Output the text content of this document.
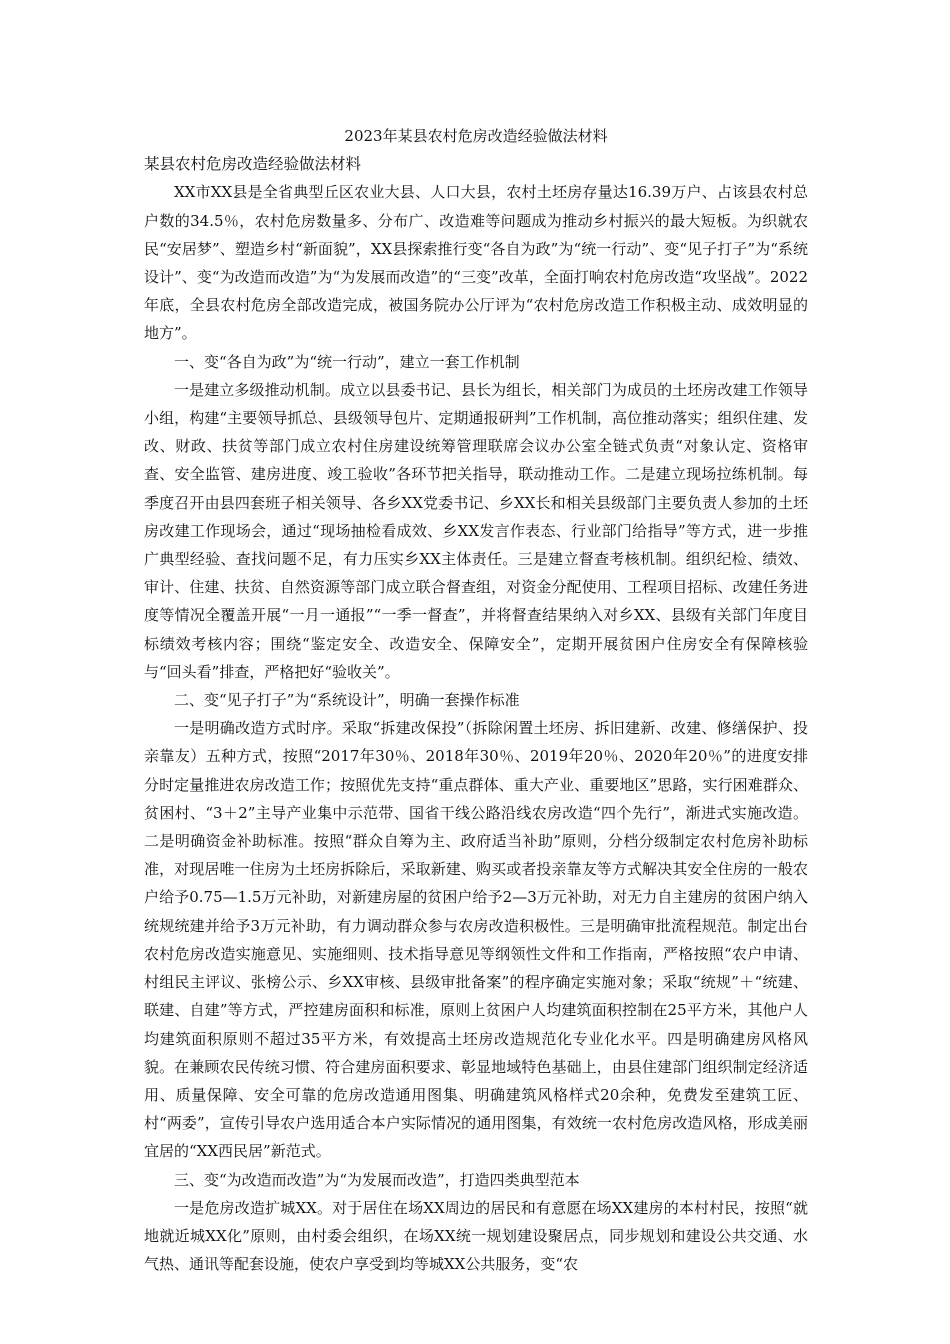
2023年某县农村危房改造经验做法材料
某县农村危房改造经验做法材料

XX市XX县是全省典型丘区农业大县、人口大县，农村土坯房存量达16.39万户、占该县农村总户数的34.5％，农村危房数量多、分布广、改造难等问题成为推动乡村振兴的最大短板。为织就农民“安居梦”、塑造乡村“新面貌”，XX县探索推行变“各自为政”为“统一行动”、变“见子打子”为“系统设计”、变“为改造而改造”为“为发展而改造”的“三变”改革，全面打响农村危房改造“攻坚战”。2022年底，全县农村危房全部改造完成，被国务院办公厅评为“农村危房改造工作积极主动、成效明显的地方”。

一、变“各自为政”为“统一行动”，建立一套工作机制

一是建立多级推动机制。成立以县委书记、县长为组长，相关部门为成员的土坯房改建工作领导小组，构建“主要领导抓总、县级领导包片、定期通报研判”工作机制，高位推动落实；组织住建、发改、财政、扶贫等部门成立农村住房建设统筹管理联席会议办公室全链式负责“对象认定、资格审查、安全监管、建房进度、竣工验收”各环节把关指导，联动推动工作。二是建立现场拉练机制。每季度召开由县四套班子相关领导、各乡XX党委书记、乡XX长和相关县级部门主要负责人参加的土坯房改建工作现场会，通过“现场抽检看成效、乡XX发言作表态、行业部门给指导”等方式，进一步推广典型经验、查找问题不足，有力压实乡XX主体责任。三是建立督查考核机制。组织纪检、绩效、审计、住建、扶贫、自然资源等部门成立联合督查组，对资金分配使用、工程项目招标、改建任务进度等情况全覆盖开展“一月一通报”“一季一督查”，并将督查结果纳入对乡XX、县级有关部门年度目标绩效考核内容；围绕“鉴定安全、改造安全、保障安全”，定期开展贫困户住房安全有保障核验与“回头看”排查，严格把好“验收关”。

二、变“见子打子”为“系统设计”，明确一套操作标准

一是明确改造方式时序。采取“拆建改保投”（拆除闲置土坯房、拆旧建新、改建、修缮保护、投亲靠友）五种方式，按照“2017年30％、2018年30％、2019年20％、2020年20％”的进度安排分时定量推进农房改造工作；按照优先支持“重点群体、重大产业、重要地区”思路，实行困难群众、贫困村、“3＋2”主导产业集中示范带、国省干线公路沿线农房改造“四个先行”，渐进式实施改造。二是明确资金补助标准。按照“群众自筹为主、政府适当补助”原则，分档分级制定农村危房补助标准，对现居唯一住房为土坯房拆除后，采取新建、购买或者投亲靠友等方式解决其安全住房的一般农户给予0.75—1.5万元补助，对新建房屋的贫困户给予2—3万元补助，对无力自主建房的贫困户纳入统规统建并给予3万元补助，有力调动群众参与农房改造积极性。三是明确审批流程规范。制定出台农村危房改造实施意见、实施细则、技术指导意见等纲领性文件和工作指南，严格按照“农户申请、村组民主评议、张榜公示、乡XX审核、县级审批备案”的程序确定实施对象；采取“统规”＋“统建、联建、自建”等方式，严控建房面积和标准，原则上贫困户人均建筑面积控制在25平方米，其他户人均建筑面积原则不超过35平方米，有效提高土坯房改造规范化专业化水平。四是明确建房风格风貌。在兼顾农民传统习惯、符合建房面积要求、彰显地域特色基础上，由县住建部门组织制定经济适用、质量保障、安全可靠的危房改造通用图集、明确建筑风格样式20余种，免费发至建筑工匠、村“两委”，宣传引导农户选用适合本户实际情况的通用图集，有效统一农村危房改造风格，形成美丽宜居的“XX西民居”新范式。

三、变“为改造而改造”为“为发展而改造”，打造四类典型范本

一是危房改造扩城XX。对于居住在场XX周边的居民和有意愿在场XX建房的本村村民，按照“就地就近城XX化”原则，由村委会组织，在场XX统一规划建设聚居点，同步规划和建设公共交通、水气热、通讯等配套设施，使农户享受到均等城XX公共服务，变“农
